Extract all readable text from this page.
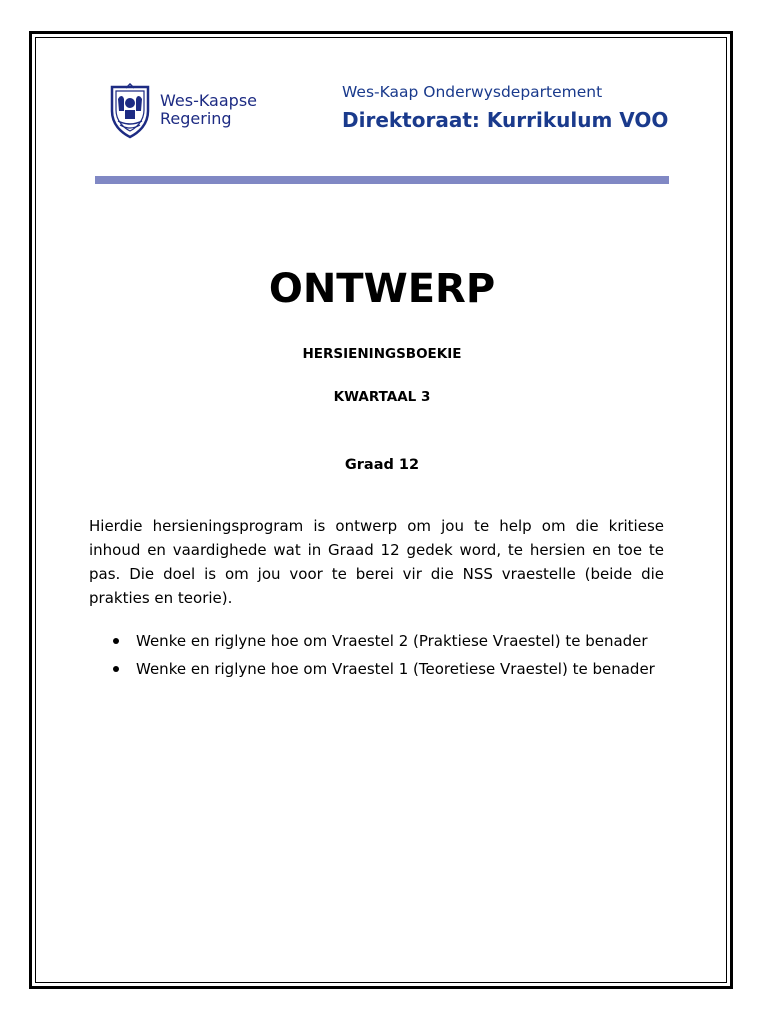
Wes-Kaapse
Regering
Wes-Kaap Onderwysdepartement
Direktoraat: Kurrikulum VOO
ONTWERP
HERSIENINGSBOEKIE
KWARTAAL 3
Graad 12

Hierdie hersieningsprogram is ontwerp om jou te help om die kritiese inhoud en vaardighede wat in Graad 12 gedek word, te hersien en toe te pas. Die doel is om jou voor te berei vir die NSS vraestelle (beide die prakties en teorie).

Wenke en riglyne hoe om Vraestel 2 (Praktiese Vraestel) te benader
Wenke en riglyne hoe om Vraestel 1 (Teoretiese Vraestel) te benader
